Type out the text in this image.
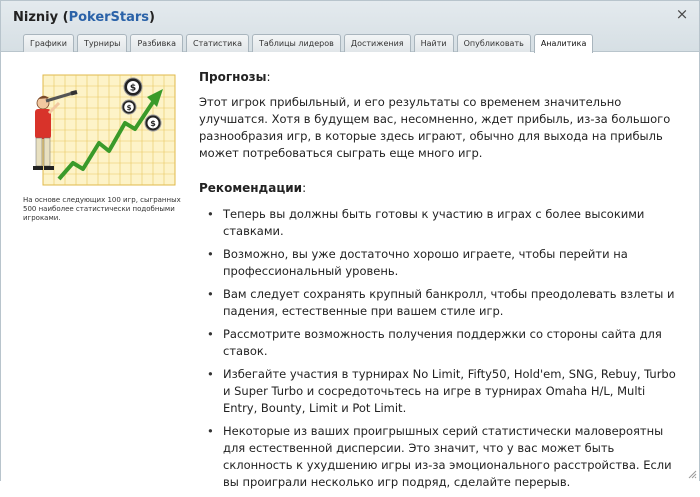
Nizniy (PokerStars)	×
Графики	Турниры	Разбивка	Статистика	Таблицы лидеров	Достижения	Найти	Опубликовать	Аналитика
$
$
$
На основе следующих 100 игр, сыгранных 500 наиболее статистически подобными игроками.
Прогнозы:
Этот игрок прибыльный, и его результаты со временем значительно улучшатся. Хотя в будущем вас, несомненно, ждет прибыль, из-за большого разнообразия игр, в которые здесь играют, обычно для выхода на прибыль может потребоваться сыграть еще много игр.
Рекомендации:
• Теперь вы должны быть готовы к участию в играх с более высокими ставками.
• Возможно, вы уже достаточно хорошо играете, чтобы перейти на профессиональный уровень.
• Вам следует сохранять крупный банкролл, чтобы преодолевать взлеты и падения, естественные при вашем стиле игр.
• Рассмотрите возможность получения поддержки со стороны сайта для ставок.
• Избегайте участия в турнирах No Limit, Fifty50, Hold'em, SNG, Rebuy, Turbo и Super Turbo и сосредоточьтесь на игре в турнирах Omaha H/L, Multi Entry, Bounty, Limit и Pot Limit.
• Некоторые из ваших проигрышных серий статистически маловероятны для естественной дисперсии. Это значит, что у вас может быть склонность к ухудшению игры из-за эмоционального расстройства. Если вы проиграли несколько игр подряд, сделайте перерыв.
